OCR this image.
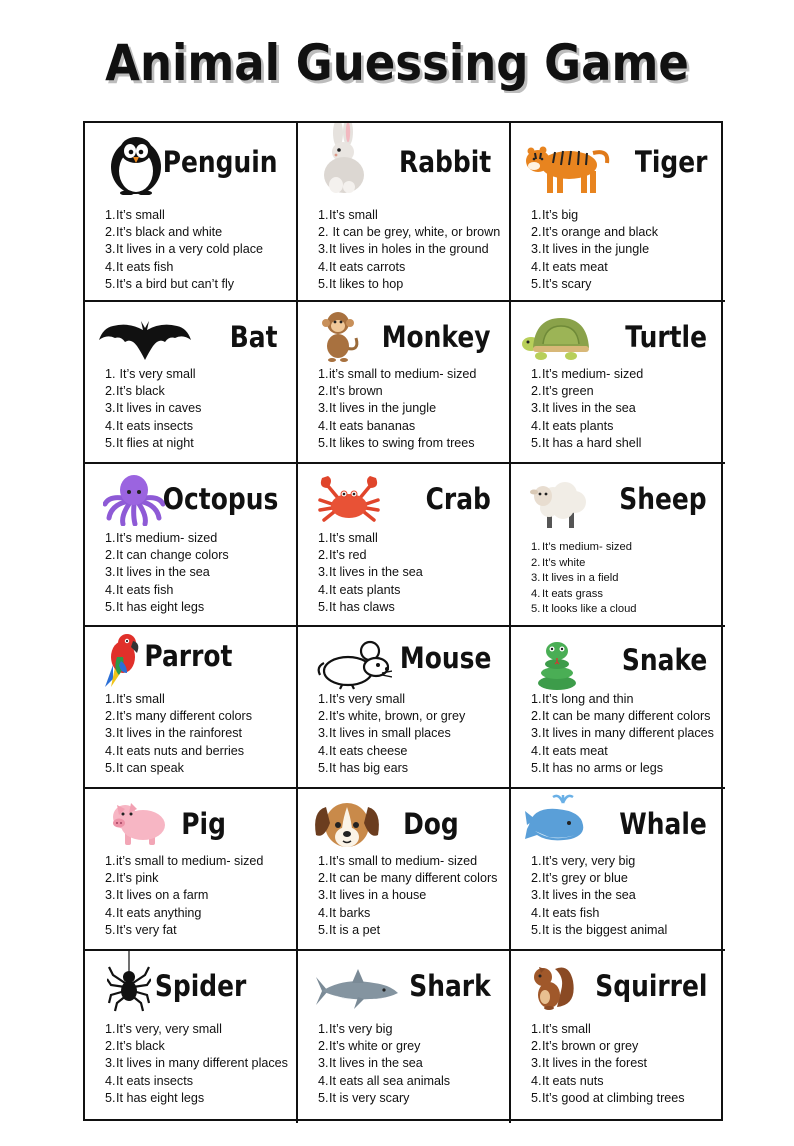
Animal Guessing Game
Penguin
1.It’s small
2.It’s black and white
3.It lives in a very cold place
4.It eats fish
5.It’s a bird but can’t fly
Rabbit
1.It’s small
2. It can be grey, white, or brown
3.It lives in holes in the ground
4.It eats carrots
5.It likes to hop
Tiger
1.It’s big
2.It’s orange and black
3.It lives in the jungle
4.It eats meat
5.It’s scary
Bat
1. It’s very small
2.It’s black
3.It lives in caves
4.It eats insects
5.It flies at night
Monkey
1.it’s small to medium- sized
2.It’s brown
3.It lives in the jungle
4.It eats bananas
5.It likes to swing from trees
Turtle
1.It’s medium- sized
2.It’s green
3.It lives in the sea
4.It eats plants
5.It has a hard shell
Octopus
1.It’s medium- sized
2.It can change colors
3.It lives in the sea
4.It eats fish
5.It has eight legs
Crab
1.It’s small
2.It’s red
3.It lives in the sea
4.It eats plants
5.It has claws
Sheep
1. It’s medium- sized
2. It’s white
3. It lives in a field
4. It eats grass
5. It looks like a cloud
Parrot
1.It’s small
2.It’s many different colors
3.It lives in the rainforest
4.It eats nuts and berries
5.It can speak
Mouse
1.It’s very small
2.It’s white, brown, or grey
3.It lives in small places
4.It eats cheese
5.It has big ears
Snake
1.It’s long and thin
2.It can be many different colors
3.It lives in many different places
4.It eats meat
5.It has no arms or legs
Pig
1.it’s small to medium- sized
2.It’s pink
3.It lives on a farm
4.It eats anything
5.It’s very fat
Dog
1.It’s small to medium- sized
2.It can be many different colors
3.It lives in a house
4.It barks
5.It is a pet
Whale
1.It’s very, very big
2.It’s grey or blue
3.It lives in the sea
4.It eats fish
5.It is the biggest animal
Spider
1.It’s very, very small
2.It’s black
3.It lives in many different places
4.It eats insects
5.It has eight legs
Shark
1.It’s very big
2.It’s white or grey
3.It lives in the sea
4.It eats all sea animals
5.It is very scary
Squirrel
1.It’s small
2.It’s brown or grey
3.It lives in the forest
4.It eats nuts
5.It’s good at climbing trees
